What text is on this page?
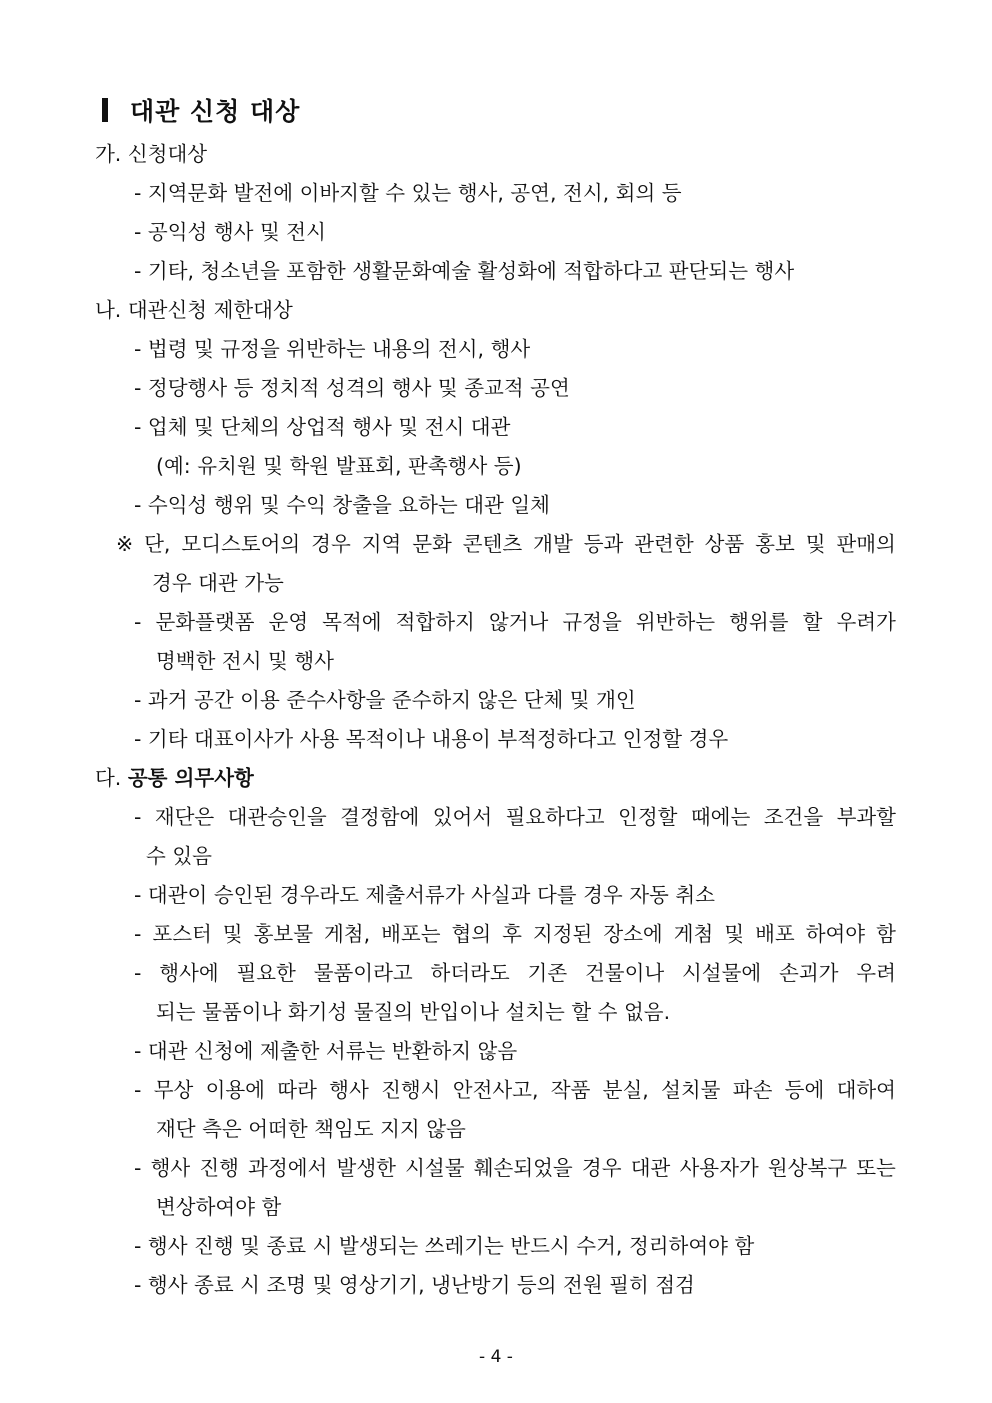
대관 신청 대상
가. 신청대상
- 지역문화 발전에 이바지할 수 있는 행사, 공연, 전시, 회의 등
- 공익성 행사 및 전시
- 기타, 청소년을 포함한 생활문화예술 활성화에 적합하다고 판단되는 행사
나. 대관신청 제한대상
- 법령 및 규정을 위반하는 내용의 전시, 행사
- 정당행사 등 정치적 성격의 행사 및 종교적 공연
- 업체 및 단체의 상업적 행사 및 전시 대관
(예: 유치원 및 학원 발표회, 판촉행사 등)
- 수익성 행위 및 수익 창출을 요하는 대관 일체
※ 단, 모디스토어의 경우 지역 문화 콘텐츠 개발 등과 관련한 상품 홍보 및 판매의
경우 대관 가능
- 문화플랫폼 운영 목적에 적합하지 않거나 규정을 위반하는 행위를 할 우려가
명백한 전시 및 행사
- 과거 공간 이용 준수사항을 준수하지 않은 단체 및 개인
- 기타 대표이사가 사용 목적이나 내용이 부적정하다고 인정할 경우
다. 공통 의무사항
- 재단은 대관승인을 결정함에 있어서 필요하다고 인정할 때에는 조건을 부과할
수 있음
- 대관이 승인된 경우라도 제출서류가 사실과 다를 경우 자동 취소
- 포스터 및 홍보물 게첨, 배포는 협의 후 지정된 장소에 게첨 및 배포 하여야 함
- 행사에 필요한 물품이라고 하더라도 기존 건물이나 시설물에 손괴가 우려
되는 물품이나 화기성 물질의 반입이나 설치는 할 수 없음.
- 대관 신청에 제출한 서류는 반환하지 않음
- 무상 이용에 따라 행사 진행시 안전사고, 작품 분실, 설치물 파손 등에 대하여
재단 측은 어떠한 책임도 지지 않음
- 행사 진행 과정에서 발생한 시설물 훼손되었을 경우 대관 사용자가 원상복구 또는
변상하여야 함
- 행사 진행 및 종료 시 발생되는 쓰레기는 반드시 수거, 정리하여야 함
- 행사 종료 시 조명 및 영상기기, 냉난방기 등의 전원 필히 점검
- 4 -
